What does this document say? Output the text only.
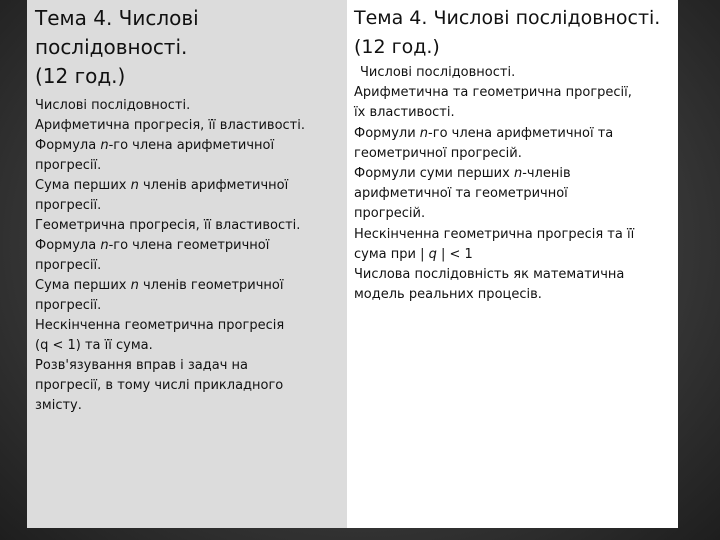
Тема 4. Числові
послідовності.
(12 год.)
Числові послідовності.
Арифметична прогресія, її властивості.
Формула n-го члена арифметичної
прогресії.
Сума перших n членів арифметичної
прогресії.
Геометрична прогресія, її властивості.
Формула n-го члена геометричної
прогресії.
Сума перших n членів геометричної
прогресії.
Нескінченна геометрична прогресія
(q < 1) та її сума.
Розв'язування вправ і задач на
прогресії, в тому числі прикладного
змісту.
Тема 4. Числові послідовності.
(12 год.)
Числові послідовності.
Арифметична та геометрична прогресії,
їх властивості.
Формули n-го члена арифметичної та
геометричної прогресій.
Формули суми перших n-членів
арифметичної та геометричної
прогресій.
Нескінченна геометрична прогресія та її
сума при | q | < 1
Числова послідовність як математична
модель реальних процесів.
